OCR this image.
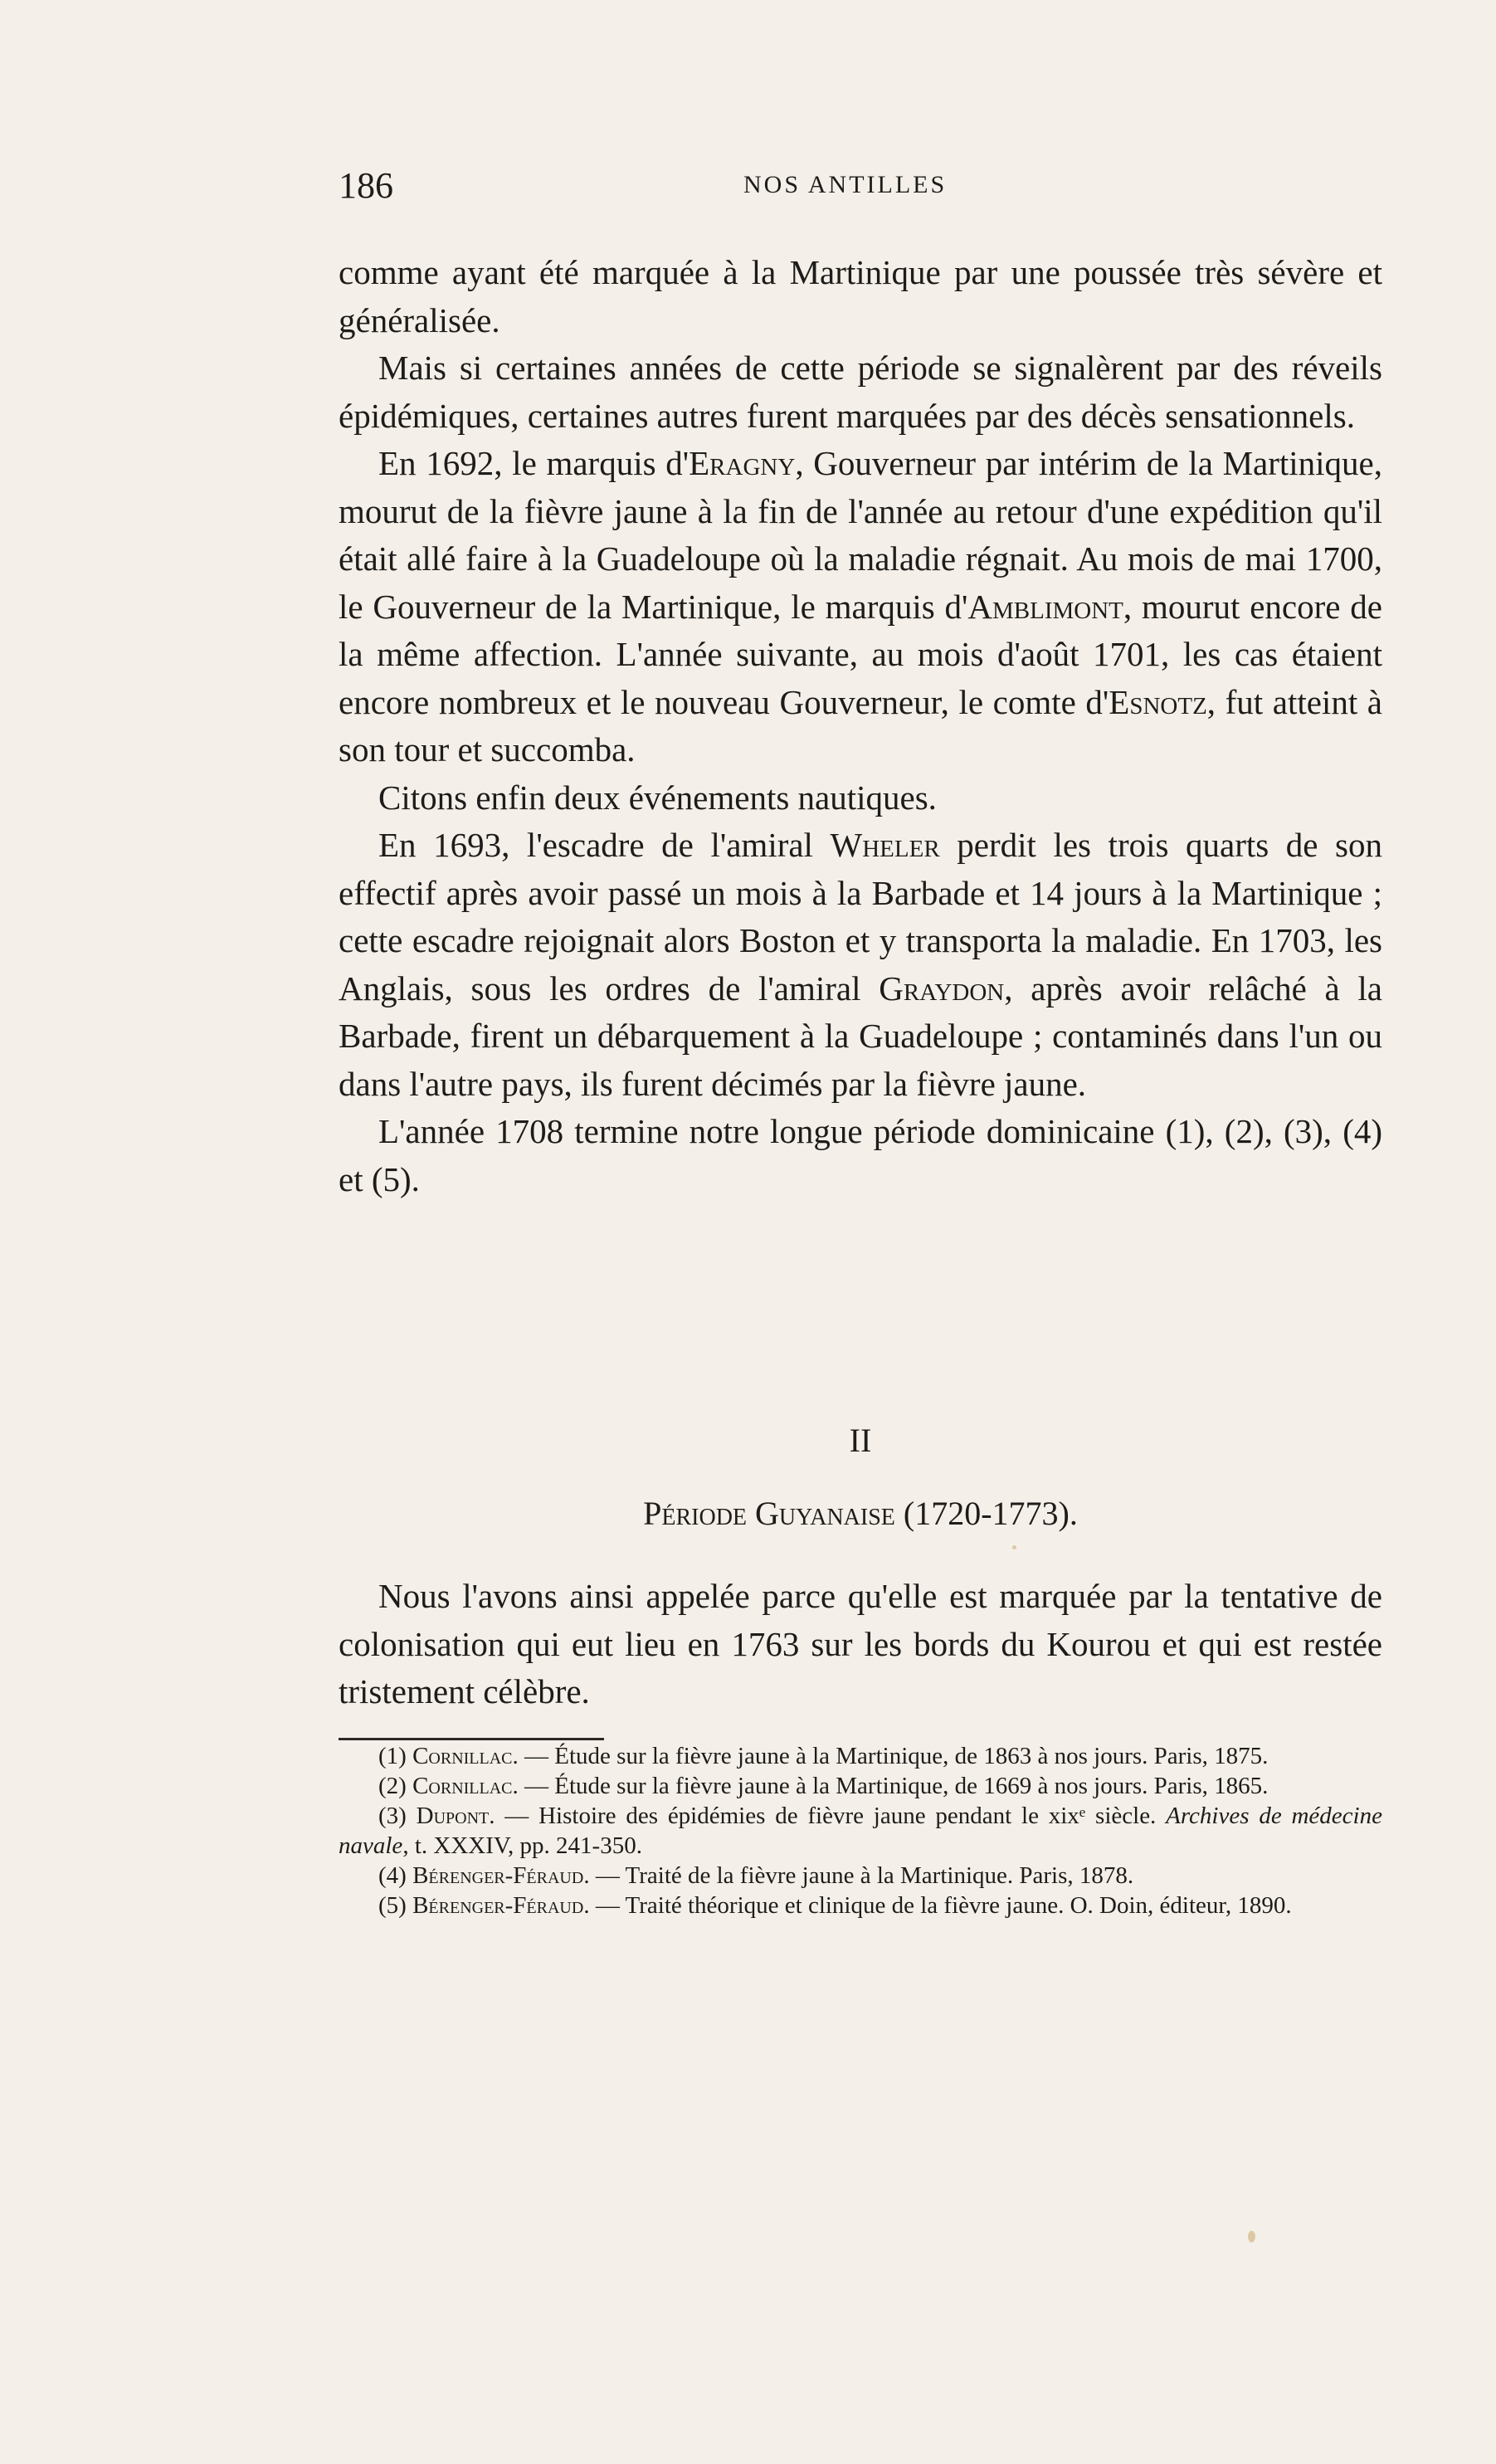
186	NOS ANTILLES

comme ayant été marquée à la Martinique par une poussée très sévère et généralisée.

Mais si certaines années de cette période se signalèrent par des réveils épidémiques, certaines autres furent marquées par des décès sensationnels.

En 1692, le marquis d'Eragny, Gouverneur par intérim de la Martinique, mourut de la fièvre jaune à la fin de l'année au retour d'une expédition qu'il était allé faire à la Guadeloupe où la maladie régnait. Au mois de mai 1700, le Gouverneur de la Martinique, le marquis d'Amblimont, mourut encore de la même affection. L'année suivante, au mois d'août 1701, les cas étaient encore nombreux et le nouveau Gouverneur, le comte d'Esnotz, fut atteint à son tour et succomba.

Citons enfin deux événements nautiques.

En 1693, l'escadre de l'amiral Wheler perdit les trois quarts de son effectif après avoir passé un mois à la Barbade et 14 jours à la Martinique ; cette escadre rejoignait alors Boston et y transporta la maladie. En 1703, les Anglais, sous les ordres de l'amiral Graydon, après avoir relâché à la Barbade, firent un débarquement à la Guadeloupe ; contaminés dans l'un ou dans l'autre pays, ils furent décimés par la fièvre jaune.

L'année 1708 termine notre longue période dominicaine (1), (2), (3), (4) et (5).

II
Période Guyanaise (1720-1773).
Nous l'avons ainsi appelée parce qu'elle est marquée par la tentative de colonisation qui eut lieu en 1763 sur les bords du Kourou et qui est restée tristement célèbre.

(1) Cornillac. — Étude sur la fièvre jaune à la Martinique, de 1863 à nos jours. Paris, 1875.

(2) Cornillac. — Étude sur la fièvre jaune à la Martinique, de 1669 à nos jours. Paris, 1865.

(3) Dupont. — Histoire des épidémies de fièvre jaune pendant le xixᵉ siècle. Archives de médecine navale, t. XXXIV, pp. 241-350.

(4) Bérenger-Féraud. — Traité de la fièvre jaune à la Martinique. Paris, 1878.

(5) Bérenger-Féraud. — Traité théorique et clinique de la fièvre jaune. O. Doin, éditeur, 1890.
